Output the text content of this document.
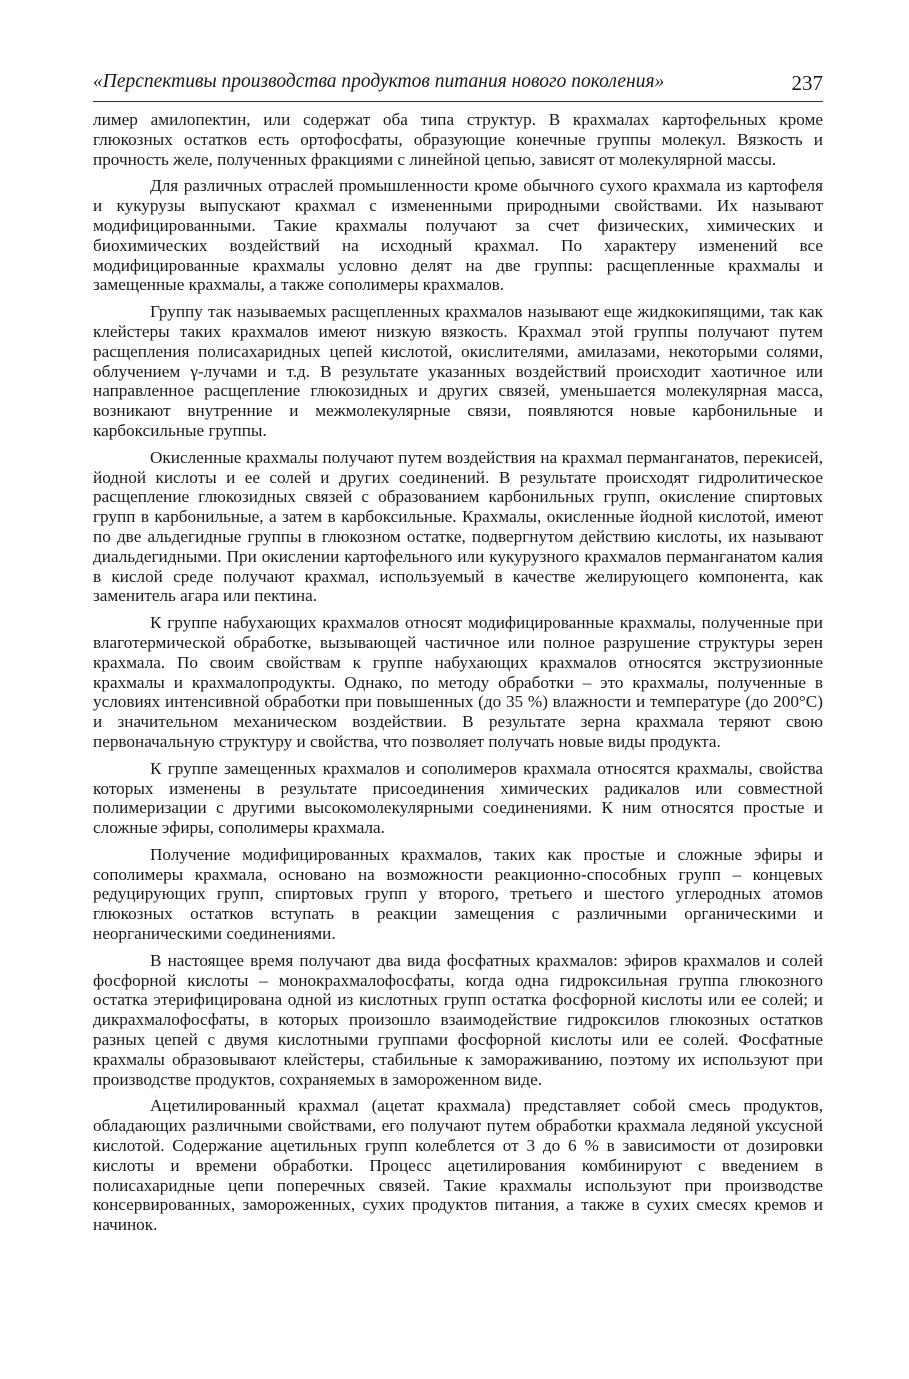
«Перспективы производства продуктов питания нового поколения»	237

лимер амилопектин, или содержат оба типа структур. В крахмалах картофельных кроме глюкозных остатков есть ортофосфаты, образующие конечные группы молекул. Вязкость и прочность желе, полученных фракциями с линейной цепью, зависят от молекулярной массы.

Для различных отраслей промышленности кроме обычного сухого крахмала из картофеля и кукурузы выпускают крахмал с измененными природными свойствами. Их называют модифицированными. Такие крахмалы получают за счет физических, химических и биохимических воздействий на исходный крахмал. По характеру изменений все модифицированные крахмалы условно делят на две группы: расщепленные крахмалы и замещенные крахмалы, а также сополимеры крахмалов.

Группу так называемых расщепленных крахмалов называют еще жидкокипящими, так как клейстеры таких крахмалов имеют низкую вязкость. Крахмал этой группы получают путем расщепления полисахаридных цепей кислотой, окислителями, амилазами, некоторыми солями, облучением γ-лучами и т.д. В результате указанных воздействий происходит хаотичное или направленное расщепление глюкозидных и других связей, уменьшается молекулярная масса, возникают внутренние и межмолекулярные связи, появляются новые карбонильные и карбоксильные группы.

Окисленные крахмалы получают путем воздействия на крахмал перманганатов, перекисей, йодной кислоты и ее солей и других соединений. В результате происходят гидролитическое расщепление глюкозидных связей с образованием карбонильных групп, окисление спиртовых групп в карбонильные, а затем в карбоксильные. Крахмалы, окисленные йодной кислотой, имеют по две альдегидные группы в глюкозном остатке, подвергнутом действию кислоты, их называют диальдегидными. При окислении картофельного или кукурузного крахмалов перманганатом калия в кислой среде получают крахмал, используемый в качестве желирующего компонента, как заменитель агара или пектина.

К группе набухающих крахмалов относят модифицированные крахмалы, полученные при влаготермической обработке, вызывающей частичное или полное разрушение структуры зерен крахмала. По своим свойствам к группе набухающих крахмалов относятся экструзионные крахмалы и крахмалопродукты. Однако, по методу обработки – это крахмалы, полученные в условиях интенсивной обработки при повышенных (до 35 %) влажности и температуре (до 200°С) и значительном механическом воздействии. В результате зерна крахмала теряют свою первоначальную структуру и свойства, что позволяет получать новые виды продукта.

К группе замещенных крахмалов и сополимеров крахмала относятся крахмалы, свойства которых изменены в результате присоединения химических радикалов или совместной полимеризации с другими высокомолекулярными соединениями. К ним относятся простые и сложные эфиры, сополимеры крахмала.

Получение модифицированных крахмалов, таких как простые и сложные эфиры и сополимеры крахмала, основано на возможности реакционно-способных групп – концевых редуцирующих групп, спиртовых групп у второго, третьего и шестого углеродных атомов глюкозных остатков вступать в реакции замещения с различными органическими и неорганическими соединениями.

В настоящее время получают два вида фосфатных крахмалов: эфиров крахмалов и солей фосфорной кислоты – монокрахмалофосфаты, когда одна гидроксильная группа глюкозного остатка этерифицирована одной из кислотных групп остатка фосфорной кислоты или ее солей; и дикрахмалофосфаты, в которых произошло взаимодействие гидроксилов глюкозных остатков разных цепей с двумя кислотными группами фосфорной кислоты или ее солей. Фосфатные крахмалы образовывают клейстеры, стабильные к замораживанию, поэтому их используют при производстве продуктов, сохраняемых в замороженном виде.

Ацетилированный крахмал (ацетат крахмала) представляет собой смесь продуктов, обладающих различными свойствами, его получают путем обработки крахмала ледяной уксусной кислотой. Содержание ацетильных групп колеблется от 3 до 6 % в зависимости от дозировки кислоты и времени обработки. Процесс ацетилирования комбинируют с введением в полисахаридные цепи поперечных связей. Такие крахмалы используют при производстве консервированных, замороженных, сухих продуктов питания, а также в сухих смесях кремов и начинок.
